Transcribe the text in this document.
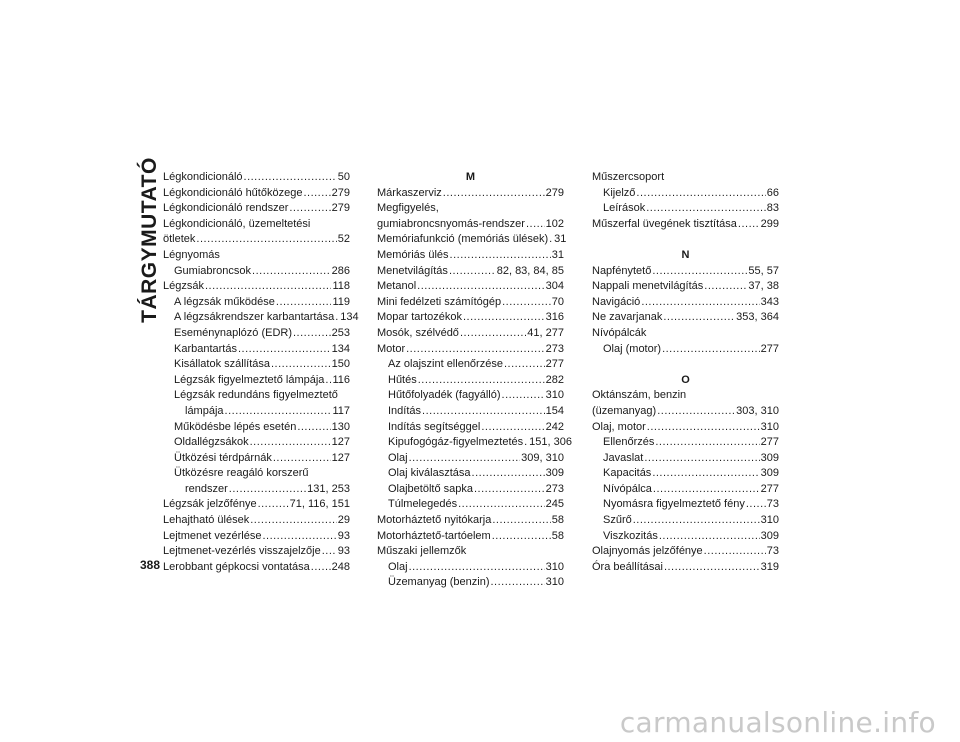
TÁRGYMUTATÓ Légkondicionáló .....	50
Légkondicionáló hűtőközege .....	279
Légkondicionáló rendszer .....	279
Légkondicionáló, üzemeltetési
ötletek .....	52
Légnyomás
Gumiabroncsok .....	286
Légzsák .....	118
A légzsák működése .....	119
A légzsákrendszer karbantartása ..... 134
Eseménynaplózó (EDR) .....	253
Karbantartás .....	134
Kisállatok szállítása .....	150
Légzsák figyelmeztető lámpája ..... 116
Légzsák redundáns figyelmeztető
lámpája .....	117
Működésbe lépés esetén .....	130
Oldallégzsákok .....	127
Ütközési térdpárnák .....	127
Ütközésre reagáló korszerű
rendszer .....	131, 253
Légzsák jelzőfénye .....	71, 116, 151
Lehajtható ülések .....	29
Lejtmenet vezérlése .....	93
Lejtmenet-vezérlés visszajelzője ..... 93
Lerobbant gépkocsi vontatása ..... 248
M
Márkaszerviz .....	279
Megfigyelés,
gumiabroncsnyomás-rendszer ..... 102
Memóriafunkció (memóriás ülések) ..... 31
Memóriás ülés .....	31
Menetvilágítás .....	82, 83, 84, 85
Metanol .....	304
Mini fedélzeti számítógép .....	70
Mopar tartozékok .....	316
Mosók, szélvédő .....	41, 277
Motor .....	273
Az olajszint ellenőrzése .....	277
Hűtés .....	282
Hűtőfolyadék (fagyálló) .....	310
Indítás .....	154
Indítás segítséggel .....	242
Kipufogógáz-figyelmeztetés ..... 151, 306
Olaj .....	309, 310
Olaj kiválasztása .....	309
Olajbetöltő sapka .....	273
Túlmelegedés .....	245
Motorháztető nyitókarja .....	58
Motorháztető-tartóelem .....	58
Műszaki jellemzők
Olaj .....	310
Üzemanyag (benzin) .....	310
Műszercsoport
Kijelző .....	66
Leírások .....	83
Műszerfal üvegének tisztítása ..... 299
N
Napfénytető .....	55, 57
Nappali menetvilágítás .....	37, 38
Navigáció .....	343
Ne zavarjanak .....	353, 364
Nívópálcák
Olaj (motor) .....	277
O
Oktánszám, benzin
(üzemanyag) .....	303, 310
Olaj, motor .....	310
Ellenőrzés .....	277
Javaslat .....	309
Kapacitás .....	309
Nívópálca .....	277
Nyomásra figyelmeztető fény ..... 73
Szűrő .....	310
Viszkozitás .....	309
Olajnyomás jelzőfénye .....	73
Óra beállításai .....	319
388
carmanualsonline.info
